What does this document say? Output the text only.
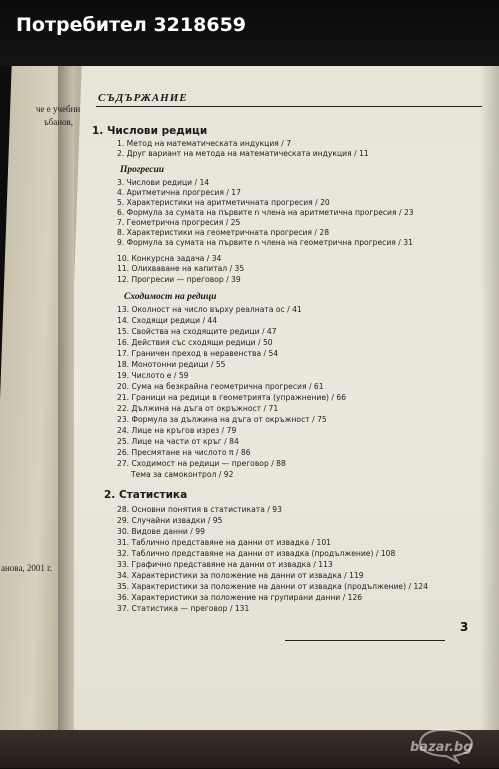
че е учебни
ъбанов,
анова, 2001 г.
Потребител 3218659
СЪДЪРЖАНИЕ
1. Числови редици
1. Метод на математическата индукция / 7
2. Друг вариант на метода на математическата индукция / 11
Прогресии
3. Числови редици / 14
4. Аритметична прогресия / 17
5. Характеристики на аритметичната прогресия / 20
6. Формула за сумата на първите n члена на аритметична прогресия / 23
7. Геометрична прогресия / 25
8. Характеристики на геометричната прогресия / 28
9. Формула за сумата на първите n члена на геометрична прогресия / 31
10. Конкурсна задача / 34
11. Олихваване на капитал / 35
12. Прогресии — преговор / 39
Сходимост на редици
13. Околност на число върху реалната ос / 41
14. Сходящи редици / 44
15. Свойства на сходящите редици / 47
16. Действия със сходящи редици / 50
17. Граничен преход в неравенства / 54
18. Монотонни редици / 55
19. Числото e / 59
20. Сума на безкрайна геометрична прогресия / 61
21. Граници на редици в геометрията (упражнение) / 66
22. Дължина на дъга от окръжност / 71
23. Формула за дължина на дъга от окръжност / 75
24. Лице на кръгов изрез / 79
25. Лице на части от кръг / 84
26. Пресмятане на числото π / 86
27. Сходимост на редици — преговор / 88
Тема за самоконтрол / 92
2. Статистика
28. Основни понятия в статистиката / 93
29. Случайни извадки / 95
30. Видове данни / 99
31. Таблично представяне на данни от извадка / 101
32. Таблично представяне на данни от извадка (продължение) / 108
33. Графично представяне на данни от извадка / 113
34. Характеристики за положение на данни от извадка / 119
35. Характеристики за положение на данни от извадка (продължение) / 124
36. Характеристики за положение на групирани данни / 126
37. Статистика — преговор / 131
3
bazar.bg
